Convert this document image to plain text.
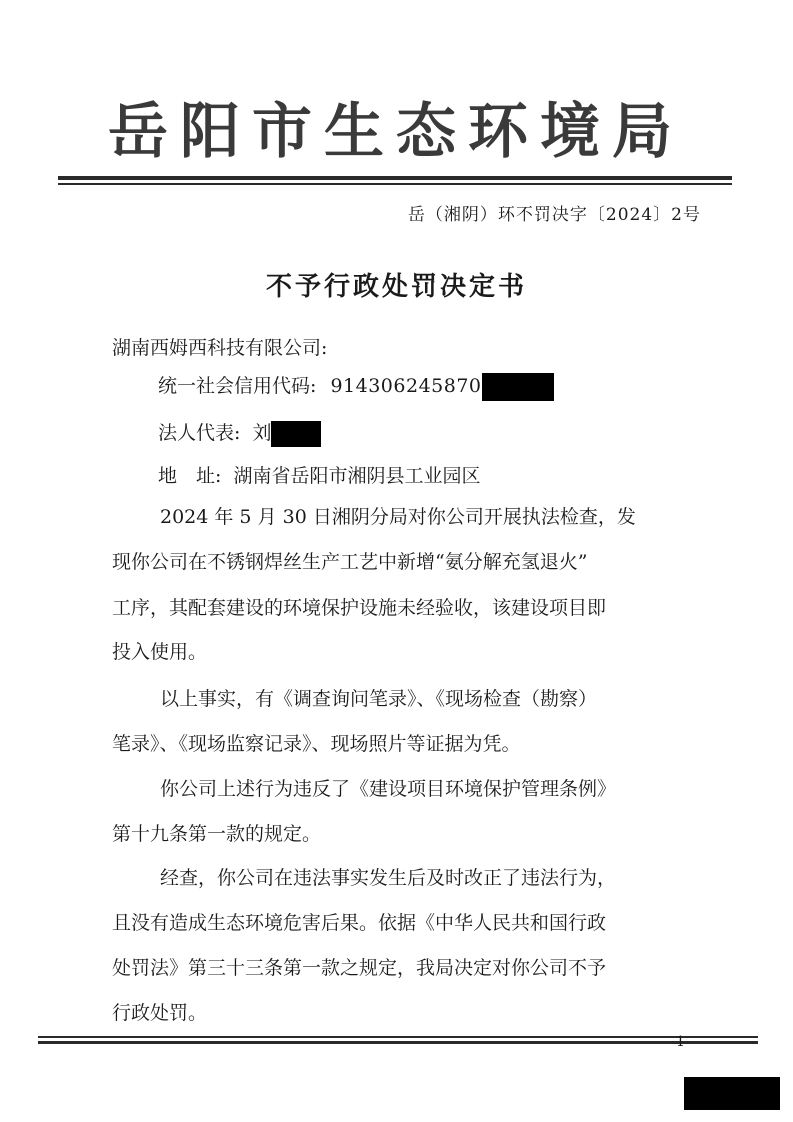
岳阳市生态环境局
岳（湘阴）环不罚决字〔2024〕2号
不予行政处罚决定书
湖南西姆西科技有限公司:
统一社会信用代码: 914306245870
法人代表: 刘
地　址: 湖南省岳阳市湘阴县工业园区
2024 年 5 月 30 日湘阴分局对你公司开展执法检查，发
现你公司在不锈钢焊丝生产工艺中新增“氨分解充氢退火”
工序，其配套建设的环境保护设施未经验收，该建设项目即
投入使用。
以上事实，有《调查询问笔录》、《现场检查（勘察）
笔录》、《现场监察记录》、现场照片等证据为凭。
你公司上述行为违反了《建设项目环境保护管理条例》
第十九条第一款的规定。
经查，你公司在违法事实发生后及时改正了违法行为，
且没有造成生态环境危害后果。依据《中华人民共和国行政
处罚法》第三十三条第一款之规定，我局决定对你公司不予
行政处罚。
1
